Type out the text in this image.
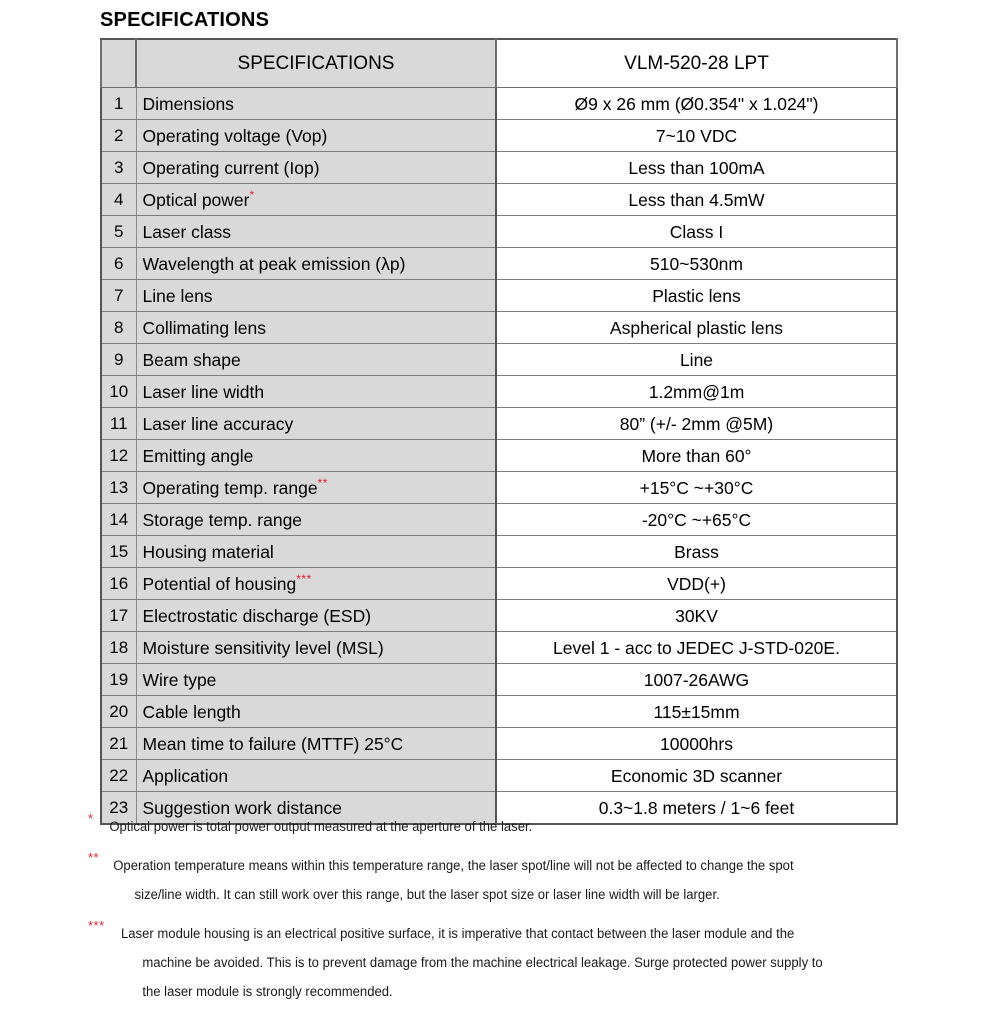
SPECIFICATIONS
	SPECIFICATIONS	VLM-520-28 LPT
1	Dimensions	Ø9 x 26 mm (Ø0.354" x 1.024")
2	Operating voltage (Vop)	7~10 VDC
3	Operating current (Iop)	Less than 100mA
4	Optical power*	Less than 4.5mW
5	Laser class	Class I
6	Wavelength at peak emission (λp)	510~530nm
7	Line lens	Plastic lens
8	Collimating lens	Aspherical plastic lens
9	Beam shape	Line
10	Laser line width	1.2mm@1m
11	Laser line accuracy	80” (+/- 2mm @5M)
12	Emitting angle	More than 60°
13	Operating temp. range**	+15°C ~+30°C
14	Storage temp. range	-20°C ~+65°C
15	Housing material	Brass
16	Potential of housing***	VDD(+)
17	Electrostatic discharge (ESD)	30KV
18	Moisture sensitivity level (MSL)	Level 1 - acc to JEDEC J-STD-020E.
19	Wire type	1007-26AWG
20	Cable length	115±15mm
21	Mean time to failure (MTTF) 25°C	10000hrs
22	Application	Economic 3D scanner
23	Suggestion work distance	0.3~1.8 meters / 1~6 feet
*
Optical power is total power output measured at the aperture of the laser.
**
Operation temperature means within this temperature range, the laser spot/line will not be affected to change the spot
size/line width. It can still work over this range, but the laser spot size or laser line width will be larger.
***
Laser module housing is an electrical positive surface, it is imperative that contact between the laser module and the
machine be avoided. This is to prevent damage from the machine electrical leakage. Surge protected power supply to
the laser module is strongly recommended.
